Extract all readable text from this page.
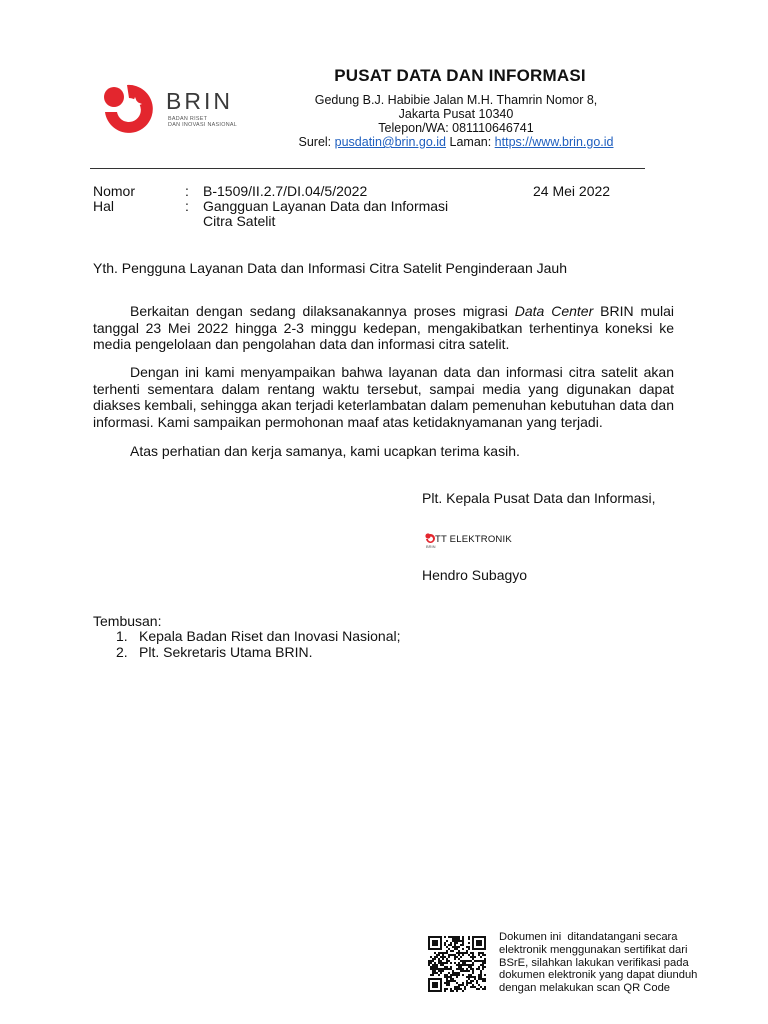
BRIN
BADAN RISET
DAN INOVASI NASIONAL
PUSAT DATA DAN INFORMASI
Gedung B.J. Habibie Jalan M.H. Thamrin Nomor 8,
Jakarta Pusat 10340
Telepon/WA: 081110646741
Surel: pusdatin@brin.go.id Laman: https://www.brin.go.id
Nomor	: B-1509/II.2.7/DI.04/5/2022	24 Mei 2022
Hal	: Gangguan Layanan Data dan Informasi
Citra Satelit
Yth. Pengguna Layanan Data dan Informasi Citra Satelit Penginderaan Jauh
Berkaitan dengan sedang dilaksanakannya proses migrasi Data Center BRIN mulai tanggal 23 Mei 2022 hingga 2-3 minggu kedepan, mengakibatkan terhentinya koneksi ke media pengelolaan dan pengolahan data dan informasi citra satelit.
Dengan ini kami menyampaikan bahwa layanan data dan informasi citra satelit akan terhenti sementara dalam rentang waktu tersebut, sampai media yang digunakan dapat diakses kembali, sehingga akan terjadi keterlambatan dalam pemenuhan kebutuhan data dan informasi. Kami sampaikan permohonan maaf atas ketidaknyamanan yang terjadi.
Atas perhatian dan kerja samanya, kami ucapkan terima kasih.
Plt. Kepala Pusat Data dan Informasi,
TT ELEKTRONIK
BRIN
Hendro Subagyo
Tembusan:
1. Kepala Badan Riset dan Inovasi Nasional;
2. Plt. Sekretaris Utama BRIN.
Dokumen ini  ditandatangani secara
elektronik menggunakan sertifikat dari
BSrE, silahkan lakukan verifikasi pada
dokumen elektronik yang dapat diunduh
dengan melakukan scan QR Code
